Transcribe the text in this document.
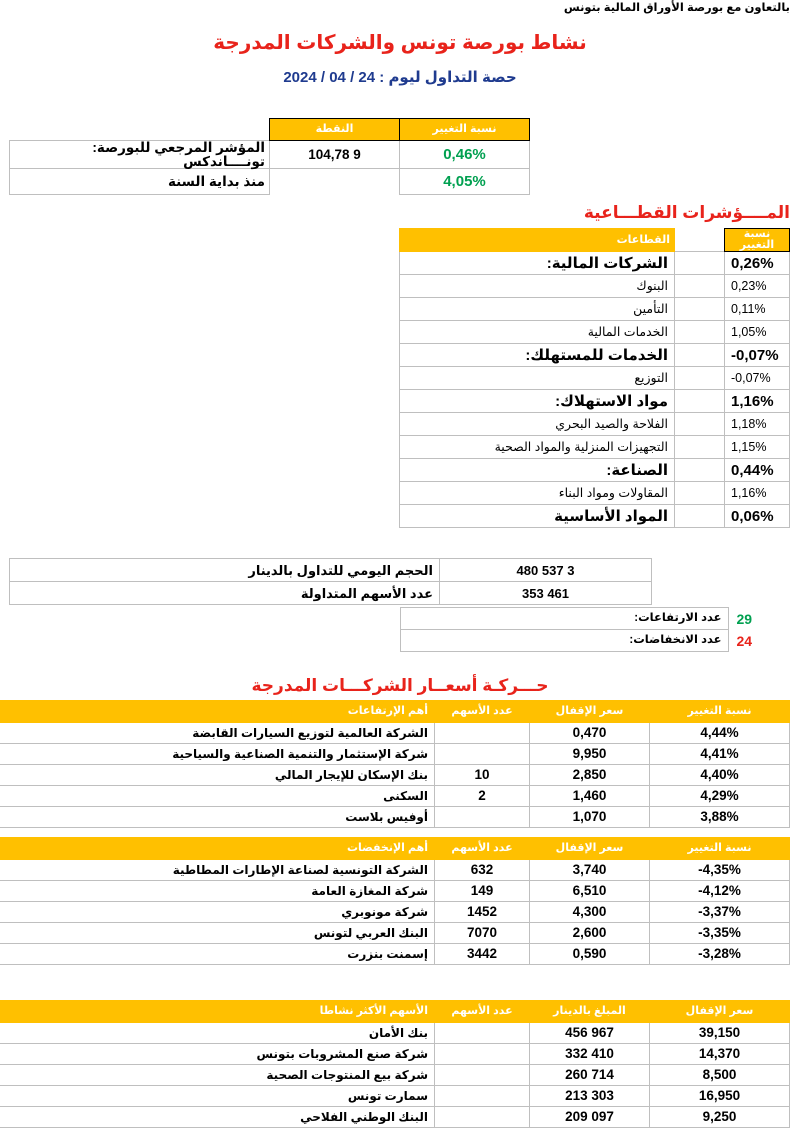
بالتعاون مع بورصة الأوراق المالية بتونس
نشاط بورصة تونس والشركات المدرجة
حصة التداول ليوم : 24 / 04 / 2024
نسبة التغيير	النقطة	
0,46%	9 104,78	المؤشر المرجعي للبورصة: تونــــاندكس
4,05%		منذ بداية السنة
المــــؤشرات القطـــاعية
نسبة التغيير		القطاعات
0,26%		الشركات المالية:
0,23%		البنوك
0,11%		التأمين
1,05%		الخدمات المالية
-0,07%		الخدمات للمستهلك:
-0,07%		التوزيع
1,16%		مواد الاستهلاك:
1,18%		الفلاحة والصيد البحري
1,15%		التجهيزات المنزلية والمواد الصحية
0,44%		الصناعة:
1,16%		المقاولات ومواد البناء
0,06%		المواد الأساسية
3 537 480	الحجم اليومي للتداول بالدينار
461 353	عدد الأسهم المتداولة
29	عدد الارتفاعات:
24	عدد الانخفاضات:
حـــركـة أسعــار الشركـــات المدرجة
نسبة التغيير	سعر الإقفال	عدد الأسهم	أهم الإرتفاعات
4,44%	0,470		الشركة العالمية لتوزيع السيارات القابضة
4,41%	9,950		شركة الإستثمار والتنمية الصناعية والسياحية
4,40%	2,850	10	بنك الإسكان للإيجار المالي
4,29%	1,460	2	السكنى
3,88%	1,070		أوفيس بلاست
نسبة التغيير	سعر الإقفال	عدد الأسهم	أهم الإنخفضات
-4,35%	3,740	632	الشركة التونسية لصناعة الإطارات المطاطية
-4,12%	6,510	149	شركة المغازة العامة
-3,37%	4,300	1452	شركة مونوبري
-3,35%	2,600	7070	البنك العربي لتونس
-3,28%	0,590	3442	إسمنت بنزرت
سعر الإقفال	المبلغ بالدينار	عدد الأسهم	الأسهم الأكثر نشاطا
39,150	456 967		بنك الأمان
14,370	332 410		شركة صنع المشروبات بتونس
8,500	260 714		شركة بيع المنتوجات الصحية
16,950	213 303		سمارت تونس
9,250	209 097		البنك الوطني الفلاحي
